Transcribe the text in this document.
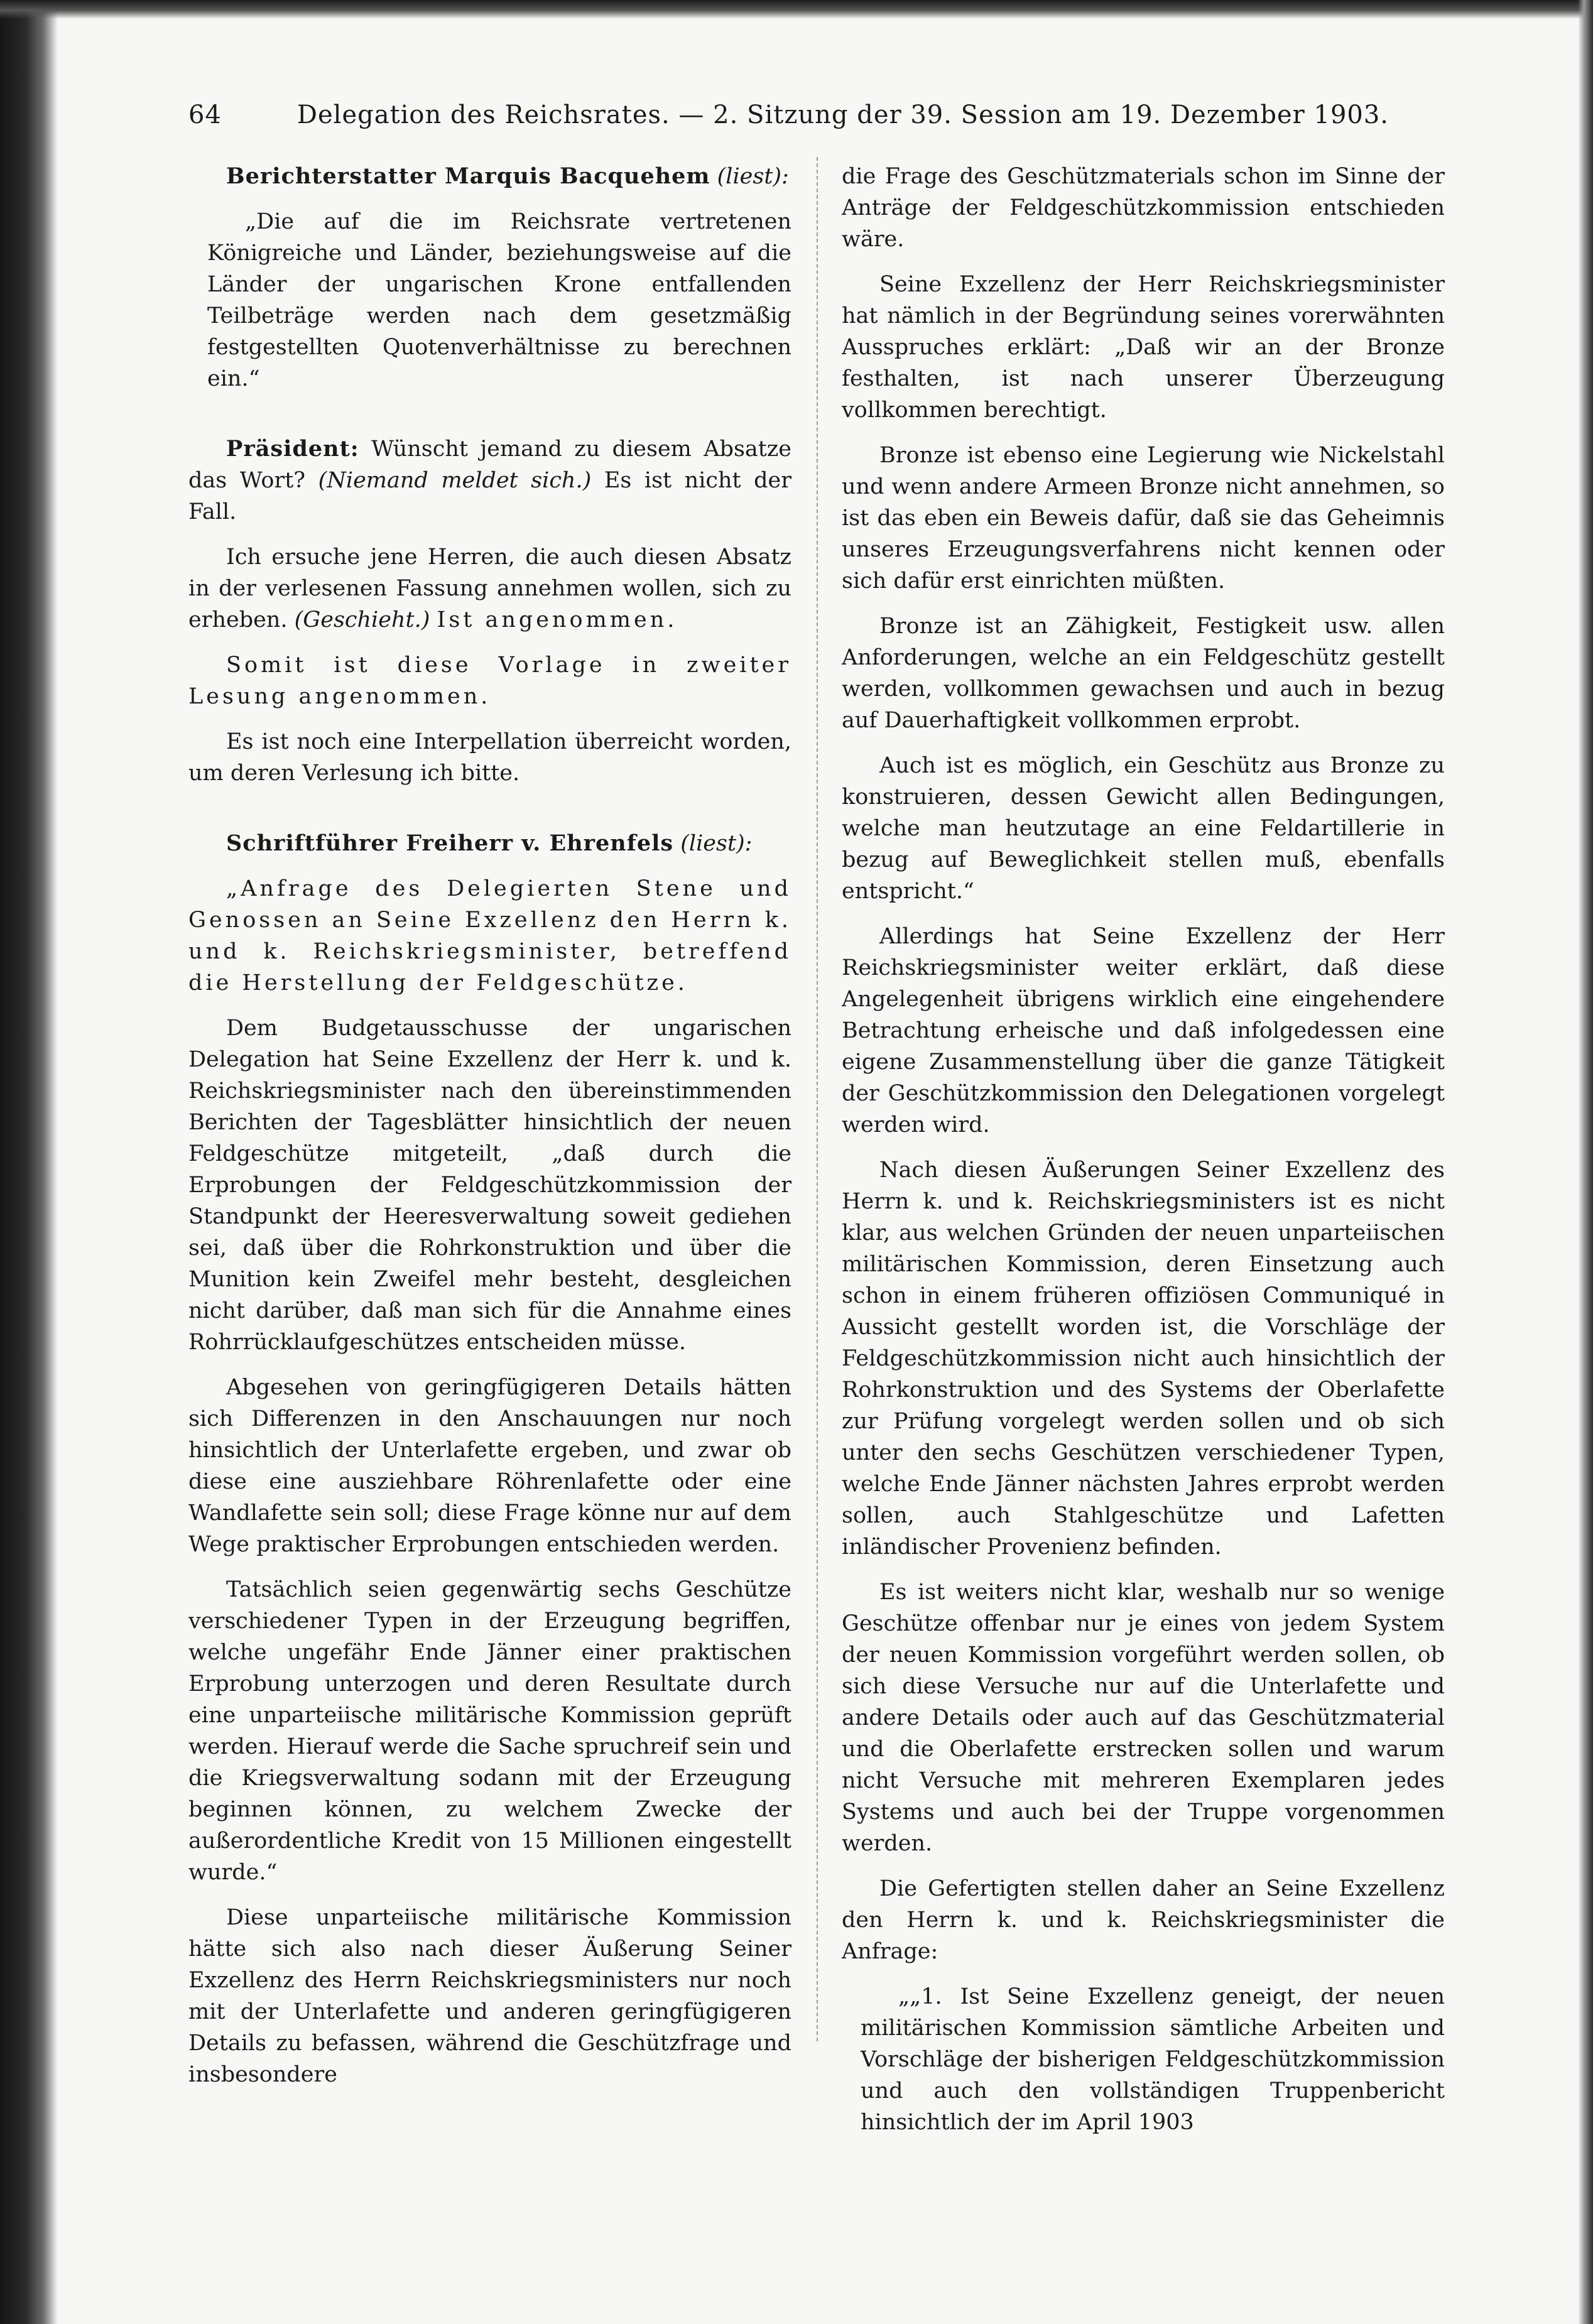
64	Delegation des Reichsrates. — 2. Sitzung der 39. Session am 19. Dezember 1903.

Berichterstatter Marquis Bacquehem (liest):

„Die auf die im Reichsrate vertretenen Königreiche und Länder, beziehungsweise auf die Länder der ungarischen Krone entfallenden Teilbeträge werden nach dem gesetzmäßig festgestellten Quotenverhältnisse zu berechnen ein.“

Präsident: Wünscht jemand zu diesem Absatze das Wort? (Niemand meldet sich.) Es ist nicht der Fall.

Ich ersuche jene Herren, die auch diesen Absatz in der verlesenen Fassung annehmen wollen, sich zu erheben. (Geschieht.) Ist angenommen.

Somit ist diese Vorlage in zweiter Lesung angenommen.

Es ist noch eine Interpellation überreicht worden, um deren Verlesung ich bitte.

Schriftführer Freiherr v. Ehrenfels (liest):

„Anfrage des Delegierten Stene und Genossen an Seine Exzellenz den Herrn k. und k. Reichskriegsminister, betreffend die Herstellung der Feldgeschütze.

Dem Budgetausschusse der ungarischen Delegation hat Seine Exzellenz der Herr k. und k. Reichskriegsminister nach den übereinstimmenden Berichten der Tagesblätter hinsichtlich der neuen Feldgeschütze mitgeteilt, „daß durch die Erprobungen der Feldgeschützkommission der Standpunkt der Heeresverwaltung soweit gediehen sei, daß über die Rohrkonstruktion und über die Munition kein Zweifel mehr besteht, desgleichen nicht darüber, daß man sich für die Annahme eines Rohrrücklaufgeschützes entscheiden müsse.

Abgesehen von geringfügigeren Details hätten sich Differenzen in den Anschauungen nur noch hinsichtlich der Unterlafette ergeben, und zwar ob diese eine ausziehbare Röhrenlafette oder eine Wandlafette sein soll; diese Frage könne nur auf dem Wege praktischer Erprobungen entschieden werden.

Tatsächlich seien gegenwärtig sechs Geschütze verschiedener Typen in der Erzeugung begriffen, welche ungefähr Ende Jänner einer praktischen Erprobung unterzogen und deren Resultate durch eine unparteiische militärische Kommission geprüft werden. Hierauf werde die Sache spruchreif sein und die Kriegsverwaltung sodann mit der Erzeugung beginnen können, zu welchem Zwecke der außerordentliche Kredit von 15 Millionen eingestellt wurde.“

Diese unparteiische militärische Kommission hätte sich also nach dieser Äußerung Seiner Exzellenz des Herrn Reichskriegsministers nur noch mit der Unterlafette und anderen geringfügigeren Details zu befassen, während die Geschützfrage und insbesondere

die Frage des Geschützmaterials schon im Sinne der Anträge der Feldgeschützkommission entschieden wäre.

Seine Exzellenz der Herr Reichskriegsminister hat nämlich in der Begründung seines vorerwähnten Ausspruches erklärt: „Daß wir an der Bronze festhalten, ist nach unserer Überzeugung vollkommen berechtigt.

Bronze ist ebenso eine Legierung wie Nickelstahl und wenn andere Armeen Bronze nicht annehmen, so ist das eben ein Beweis dafür, daß sie das Geheimnis unseres Erzeugungsverfahrens nicht kennen oder sich dafür erst einrichten müßten.

Bronze ist an Zähigkeit, Festigkeit usw. allen Anforderungen, welche an ein Feldgeschütz gestellt werden, vollkommen gewachsen und auch in bezug auf Dauerhaftigkeit vollkommen erprobt.

Auch ist es möglich, ein Geschütz aus Bronze zu konstruieren, dessen Gewicht allen Bedingungen, welche man heutzutage an eine Feldartillerie in bezug auf Beweglichkeit stellen muß, ebenfalls entspricht.“

Allerdings hat Seine Exzellenz der Herr Reichskriegsminister weiter erklärt, daß diese Angelegenheit übrigens wirklich eine eingehendere Betrachtung erheische und daß infolgedessen eine eigene Zusammenstellung über die ganze Tätigkeit der Geschützkommission den Delegationen vorgelegt werden wird.

Nach diesen Äußerungen Seiner Exzellenz des Herrn k. und k. Reichskriegsministers ist es nicht klar, aus welchen Gründen der neuen unparteiischen militärischen Kommission, deren Einsetzung auch schon in einem früheren offiziösen Communiqué in Aussicht gestellt worden ist, die Vorschläge der Feldgeschützkommission nicht auch hinsichtlich der Rohrkonstruktion und des Systems der Oberlafette zur Prüfung vorgelegt werden sollen und ob sich unter den sechs Geschützen verschiedener Typen, welche Ende Jänner nächsten Jahres erprobt werden sollen, auch Stahlgeschütze und Lafetten inländischer Provenienz befinden.

Es ist weiters nicht klar, weshalb nur so wenige Geschütze offenbar nur je eines von jedem System der neuen Kommission vorgeführt werden sollen, ob sich diese Versuche nur auf die Unterlafette und andere Details oder auch auf das Geschützmaterial und die Oberlafette erstrecken sollen und warum nicht Versuche mit mehreren Exemplaren jedes Systems und auch bei der Truppe vorgenommen werden.

Die Gefertigten stellen daher an Seine Exzellenz den Herrn k. und k. Reichskriegsminister die Anfrage:

„„1. Ist Seine Exzellenz geneigt, der neuen militärischen Kommission sämtliche Arbeiten und Vorschläge der bisherigen Feldgeschützkommission und auch den vollständigen Truppenbericht hinsichtlich der im April 1903
